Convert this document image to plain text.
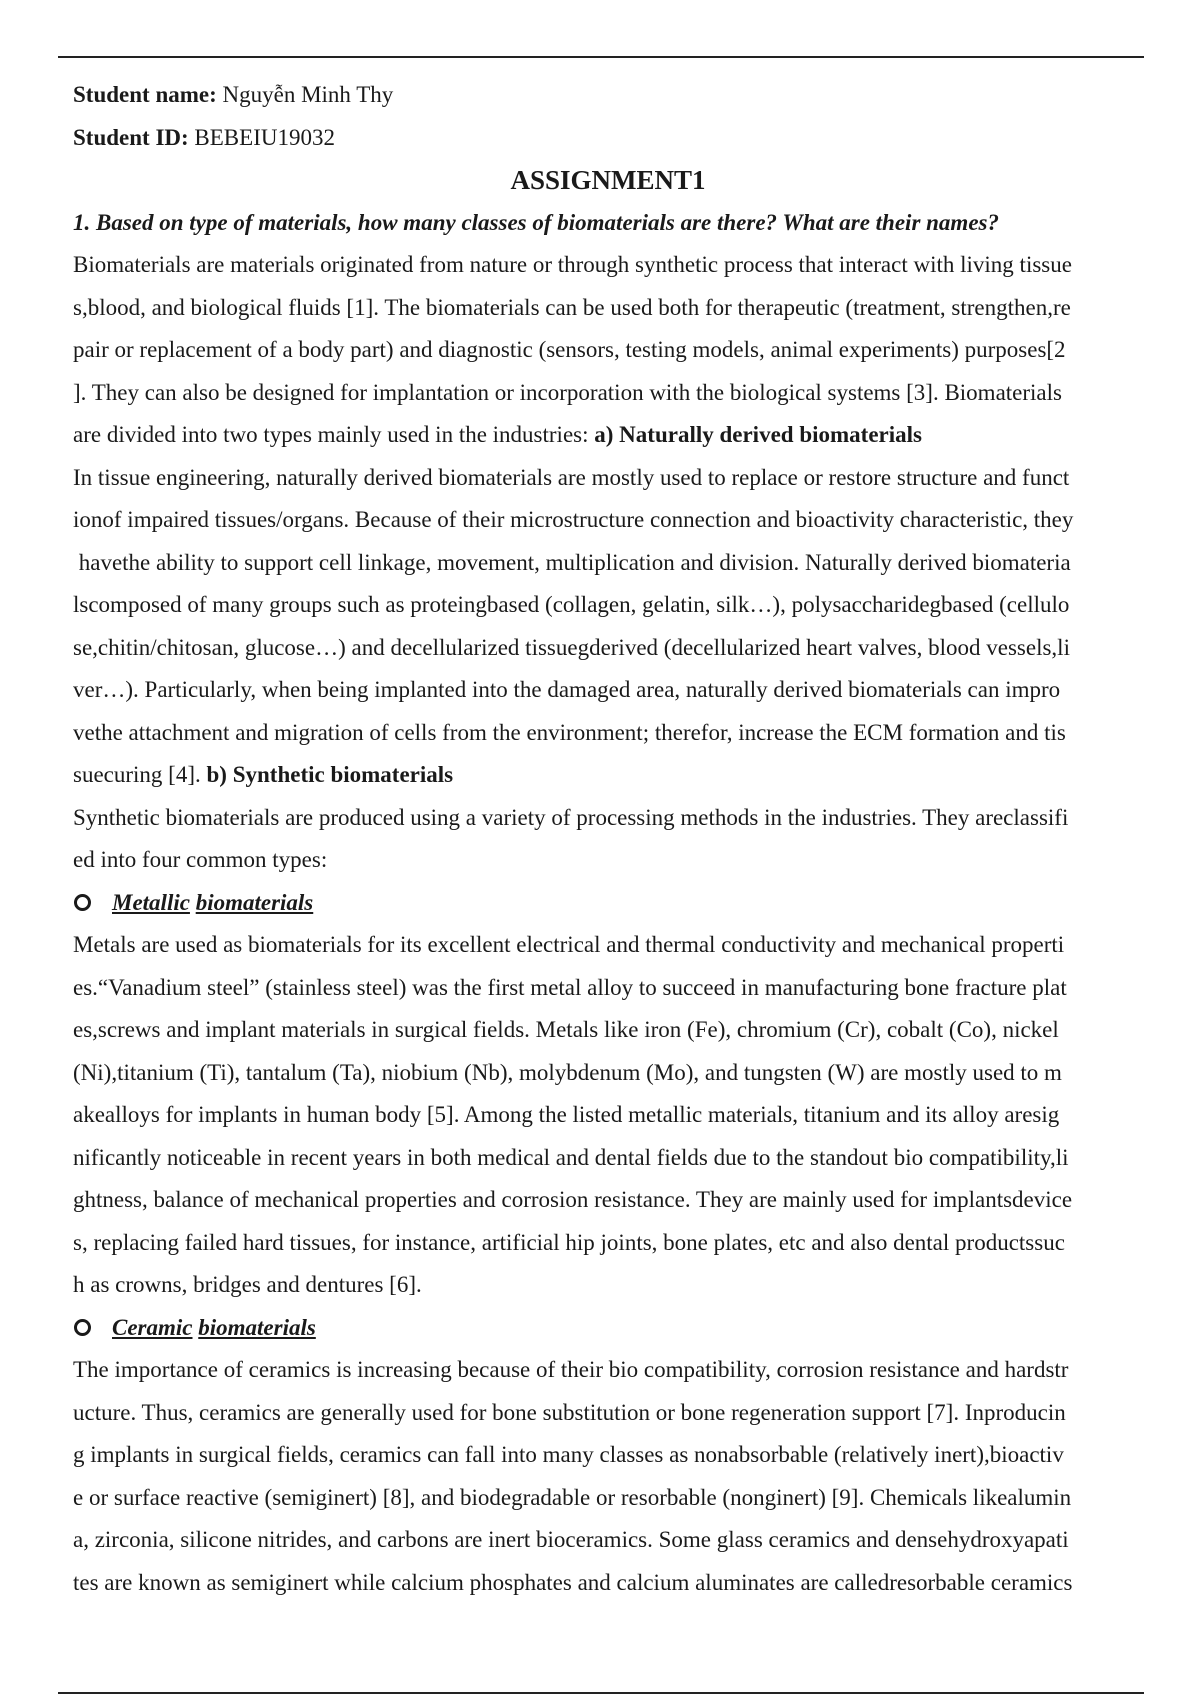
Student name: Nguyễn Minh Thy
Student ID: BEBEIU19032
ASSIGNMENT1
1. Based on type of materials, how many classes of biomaterials are there? What are their names?
Biomaterials are materials originated from nature or through synthetic process that interact with living tissue
s,blood, and biological fluids [1]. The biomaterials can be used both for therapeutic (treatment, strengthen,re
pair or replacement of a body part) and diagnostic (sensors, testing models, animal experiments) purposes[2
]. They can also be designed for implantation or incorporation with the biological systems [3]. Biomaterials
are divided into two types mainly used in the industries: a) Naturally derived biomaterials
In tissue engineering, naturally derived biomaterials are mostly used to replace or restore structure and funct
ionof impaired tissues/organs. Because of their microstructure connection and bioactivity characteristic, they
havethe ability to support cell linkage, movement, multiplication and division. Naturally derived biomateria
lscomposed of many groups such as proteingbased (collagen, gelatin, silk…), polysaccharidegbased (cellulo
se,chitin/chitosan, glucose…) and decellularized tissuegderived (decellularized heart valves, blood vessels,li
ver…). Particularly, when being implanted into the damaged area, naturally derived biomaterials can impro
vethe attachment and migration of cells from the environment; therefor, increase the ECM formation and tis
suecuring [4]. b) Synthetic biomaterials
Synthetic biomaterials are produced using a variety of processing methods in the industries. They areclassifi
ed into four common types:
Metallic biomaterials
Metals are used as biomaterials for its excellent electrical and thermal conductivity and mechanical properti
es.“Vanadium steel” (stainless steel) was the first metal alloy to succeed in manufacturing bone fracture plat
es,screws and implant materials in surgical fields. Metals like iron (Fe), chromium (Cr), cobalt (Co), nickel
(Ni),titanium (Ti), tantalum (Ta), niobium (Nb), molybdenum (Mo), and tungsten (W) are mostly used to m
akealloys for implants in human body [5]. Among the listed metallic materials, titanium and its alloy aresig
nificantly noticeable in recent years in both medical and dental fields due to the standout bio compatibility,li
ghtness, balance of mechanical properties and corrosion resistance. They are mainly used for implantsdevice
s, replacing failed hard tissues, for instance, artificial hip joints, bone plates, etc and also dental productssuc
h as crowns, bridges and dentures [6].
Ceramic biomaterials
The importance of ceramics is increasing because of their bio compatibility, corrosion resistance and hardstr
ucture. Thus, ceramics are generally used for bone substitution or bone regeneration support [7]. Inproducin
g implants in surgical fields, ceramics can fall into many classes as nonabsorbable (relatively inert),bioactiv
e or surface reactive (semiginert) [8], and biodegradable or resorbable (nonginert) [9]. Chemicals likealumin
a, zirconia, silicone nitrides, and carbons are inert bioceramics. Some glass ceramics and densehydroxyapati
tes are known as semiginert while calcium phosphates and calcium aluminates are calledresorbable ceramics
